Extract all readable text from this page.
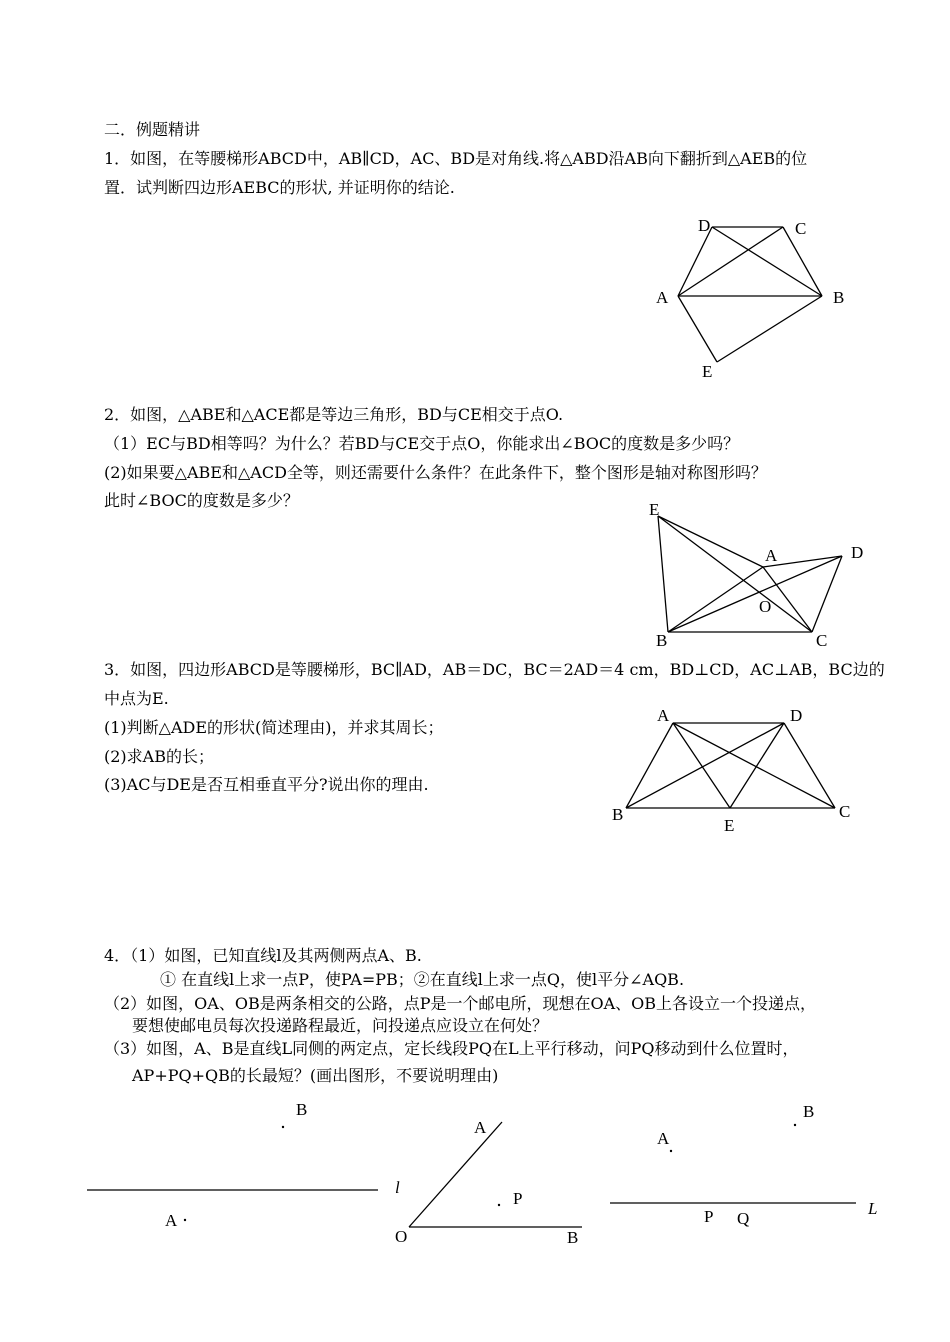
二．例题精讲
1．如图，在等腰梯形ABCD中，AB∥CD，AC、BD是对角线.将△ABD沿AB向下翻折到△AEB的位
置．试判断四边形AEBC的形状, 并证明你的结论.
2．如图，△ABE和△ACE都是等边三角形，BD与CE相交于点O.
（1）EC与BD相等吗？为什么？若BD与CE交于点O，你能求出∠BOC的度数是多少吗？
(2)如果要△ABE和△ACD全等，则还需要什么条件？在此条件下，整个图形是轴对称图形吗？
此时∠BOC的度数是多少？
3．如图，四边形ABCD是等腰梯形，BC∥AD，AB＝DC，BC＝2AD＝4 cm，BD⊥CD，AC⊥AB，BC边的
中点为E.
(1)判断△ADE的形状(简述理由)，并求其周长；
(2)求AB的长；
(3)AC与DE是否互相垂直平分?说出你的理由.
4．（1）如图，已知直线l及其两侧两点A、B.
① 在直线l上求一点P，使PA=PB；②在直线l上求一点Q，使l平分∠AQB.
（2）如图，OA、OB是两条相交的公路，点P是一个邮电所，现想在OA、OB上各设立一个投递点，
要想使邮电员每次投递路程最近，问投递点应设立在何处？
（3）如图，A、B是直线L同侧的两定点，定长线段PQ在L上平行移动，问PQ移动到什么位置时，
AP+PQ+QB的长最短？(画出图形，不要说明理由)
D	C
A	B
E
E
A	D
O
B	C
A	D
B
E
C
B
l
A
A
P
O	B
B
A
L
P Q
